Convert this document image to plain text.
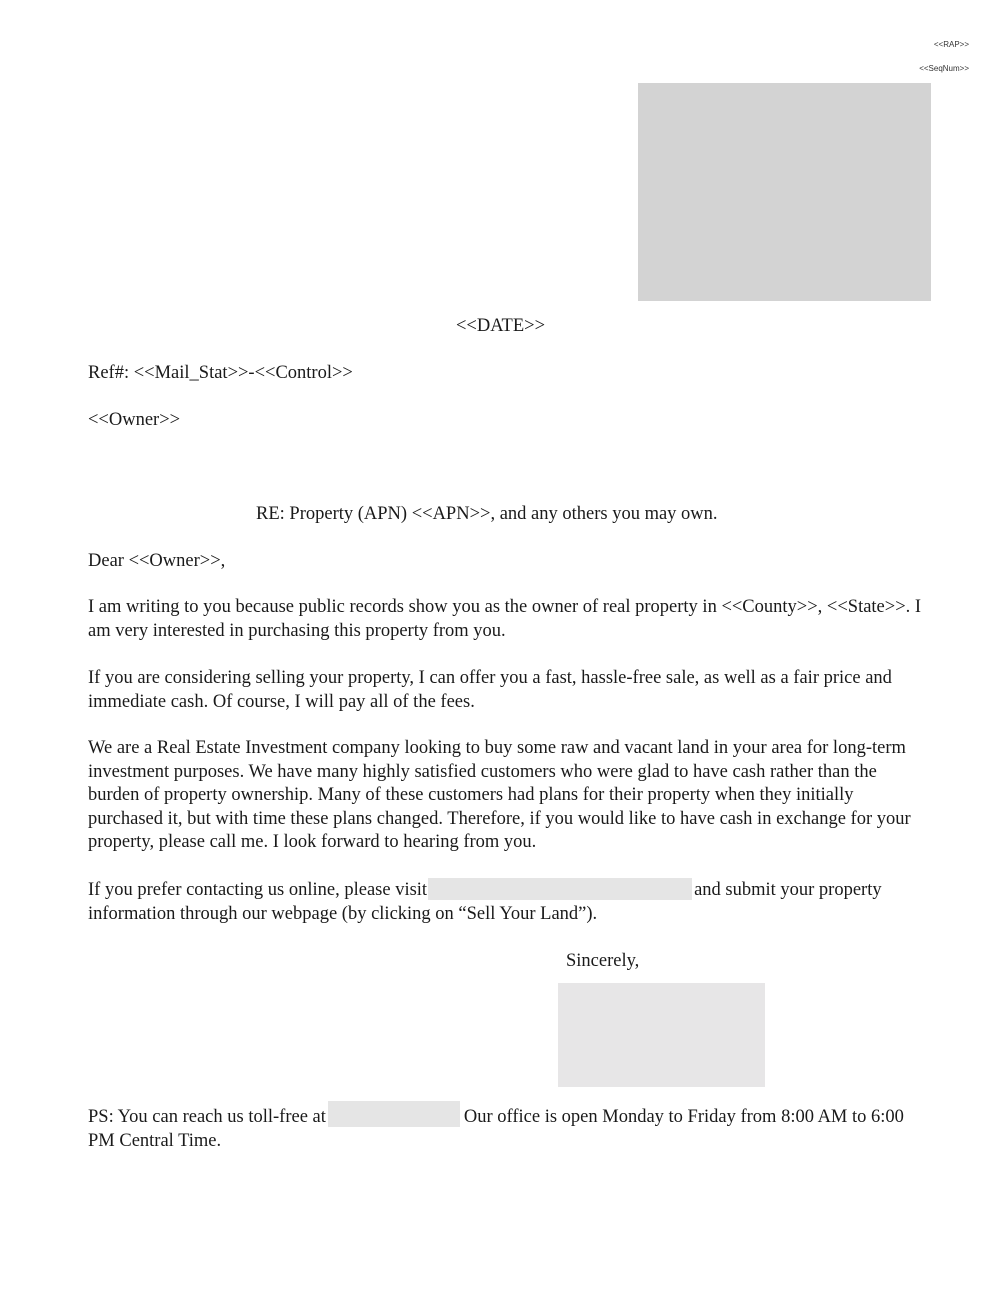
<<RAP>>
<<SeqNum>>
<<DATE>>
Ref#: <<Mail_Stat>>-<<Control>>
<<Owner>>
RE: Property (APN) <<APN>>, and any others you may own.
Dear <<Owner>>,
I am writing to you because public records show you as the owner of real property in <<County>>, <<State>>. I am very interested in purchasing this property from you.
If you are considering selling your property, I can offer you a fast, hassle-free sale, as well as a fair price and immediate cash. Of course, I will pay all of the fees.
We are a Real Estate Investment company looking to buy some raw and vacant land in your area for long-term investment purposes. We have many highly satisfied customers who were glad to have cash rather than the burden of property ownership. Many of these customers had plans for their property when they initially purchased it, but with time these plans changed. Therefore, if you would like to have cash in exchange for your property, please call me. I look forward to hearing from you.
If you prefer contacting us online, please visit	and submit your property information through our webpage (by clicking on “Sell Your Land”).
Sincerely,
PS: You can reach us toll-free at	Our office is open Monday to Friday from 8:00 AM to 6:00 PM Central Time.
